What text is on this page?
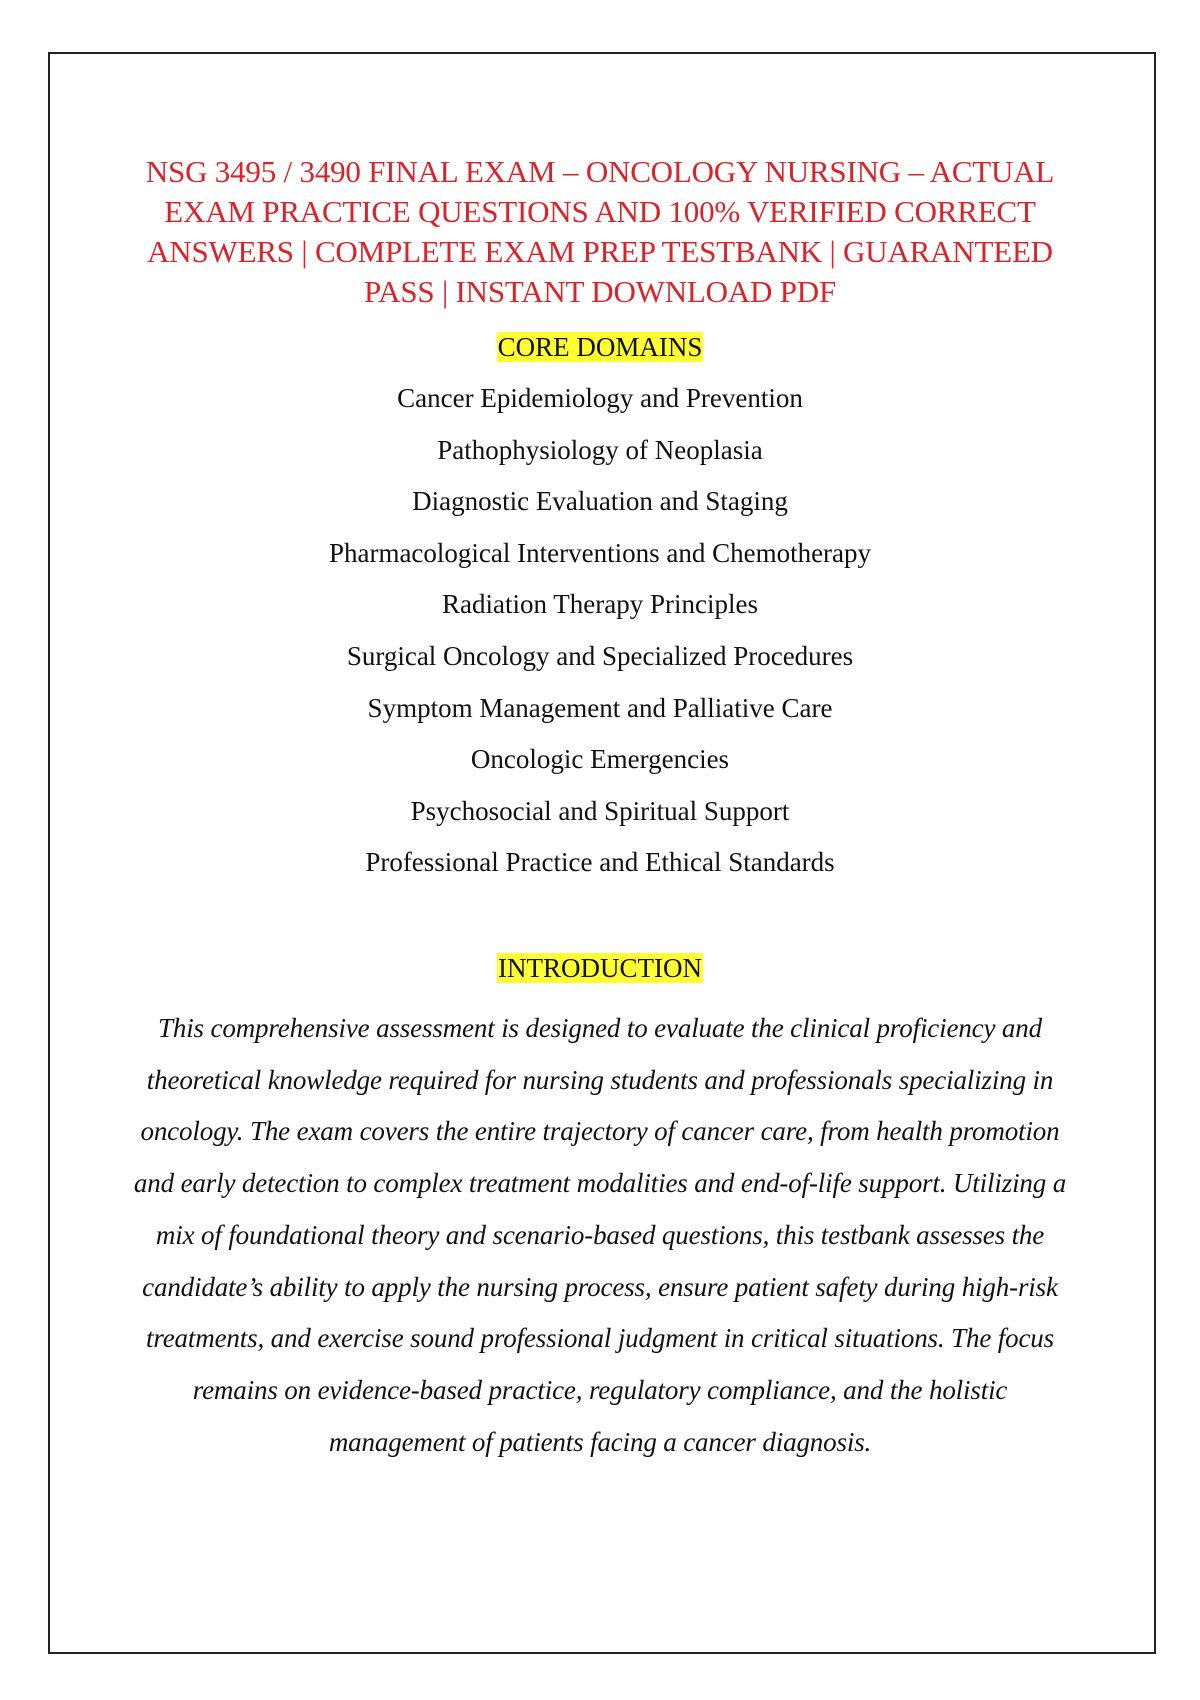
NSG 3495 / 3490 FINAL EXAM – ONCOLOGY NURSING – ACTUAL EXAM PRACTICE QUESTIONS AND 100% VERIFIED CORRECT ANSWERS | COMPLETE EXAM PREP TESTBANK | GUARANTEED PASS | INSTANT DOWNLOAD PDF
CORE DOMAINS
Cancer Epidemiology and Prevention
Pathophysiology of Neoplasia
Diagnostic Evaluation and Staging
Pharmacological Interventions and Chemotherapy
Radiation Therapy Principles
Surgical Oncology and Specialized Procedures
Symptom Management and Palliative Care
Oncologic Emergencies
Psychosocial and Spiritual Support
Professional Practice and Ethical Standards
INTRODUCTION

This comprehensive assessment is designed to evaluate the clinical proficiency and theoretical knowledge required for nursing students and professionals specializing in oncology. The exam covers the entire trajectory of cancer care, from health promotion and early detection to complex treatment modalities and end-of-life support. Utilizing a mix of foundational theory and scenario-based questions, this testbank assesses the candidate’s ability to apply the nursing process, ensure patient safety during high-risk treatments, and exercise sound professional judgment in critical situations. The focus remains on evidence-based practice, regulatory compliance, and the holistic management of patients facing a cancer diagnosis.
